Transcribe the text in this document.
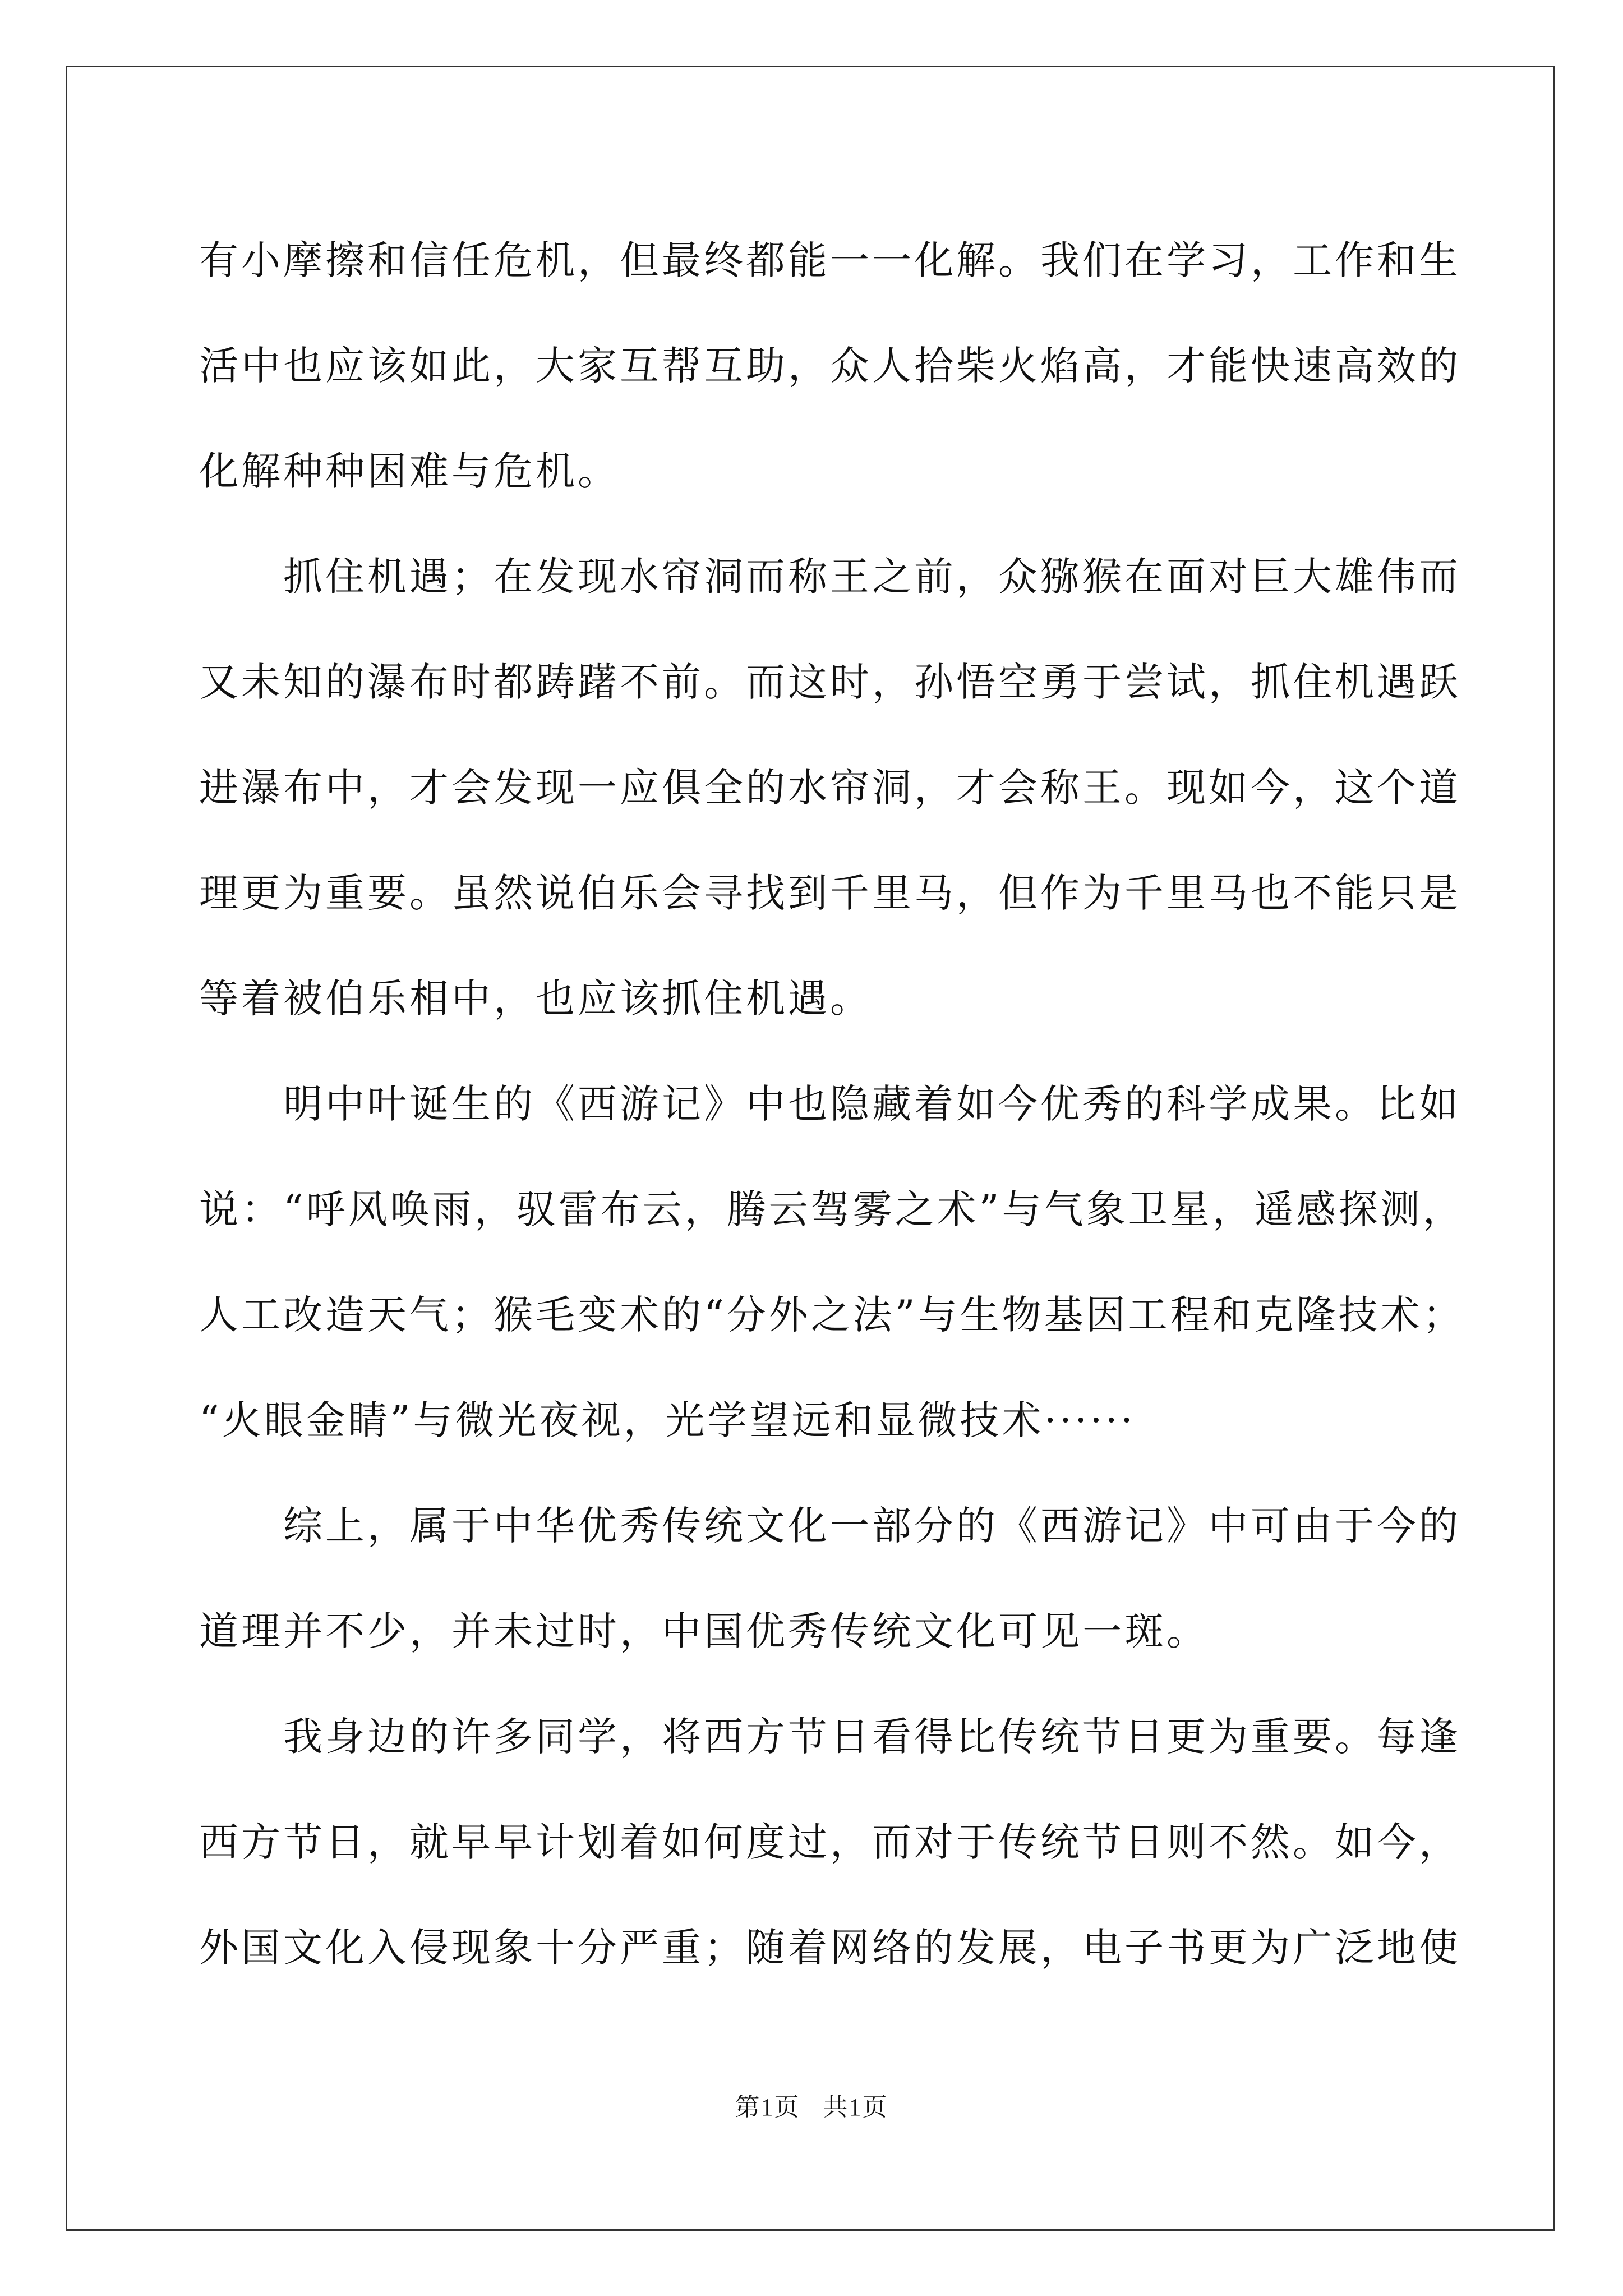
有小摩擦和信任危机，但最终都能一一化解。我们在学习，工作和生
活中也应该如此，大家互帮互助，众人拾柴火焰高，才能快速高效的
化解种种困难与危机。
抓住机遇；在发现水帘洞而称王之前，众猕猴在面对巨大雄伟而
又未知的瀑布时都踌躇不前。而这时，孙悟空勇于尝试，抓住机遇跃
进瀑布中，才会发现一应俱全的水帘洞，才会称王。现如今，这个道
理更为重要。虽然说伯乐会寻找到千里马，但作为千里马也不能只是
等着被伯乐相中，也应该抓住机遇。
明中叶诞生的《西游记》中也隐藏着如今优秀的科学成果。比如
说：“呼风唤雨，驭雷布云，腾云驾雾之术”与气象卫星，遥感探测，
人工改造天气；猴毛变术的“分外之法”与生物基因工程和克隆技术；
“火眼金睛”与微光夜视，光学望远和显微技术······
综上，属于中华优秀传统文化一部分的《西游记》中可由于今的
道理并不少，并未过时，中国优秀传统文化可见一斑。
我身边的许多同学，将西方节日看得比传统节日更为重要。每逢
西方节日，就早早计划着如何度过，而对于传统节日则不然。如今，
外国文化入侵现象十分严重；随着网络的发展，电子书更为广泛地使
第1页 共1页
